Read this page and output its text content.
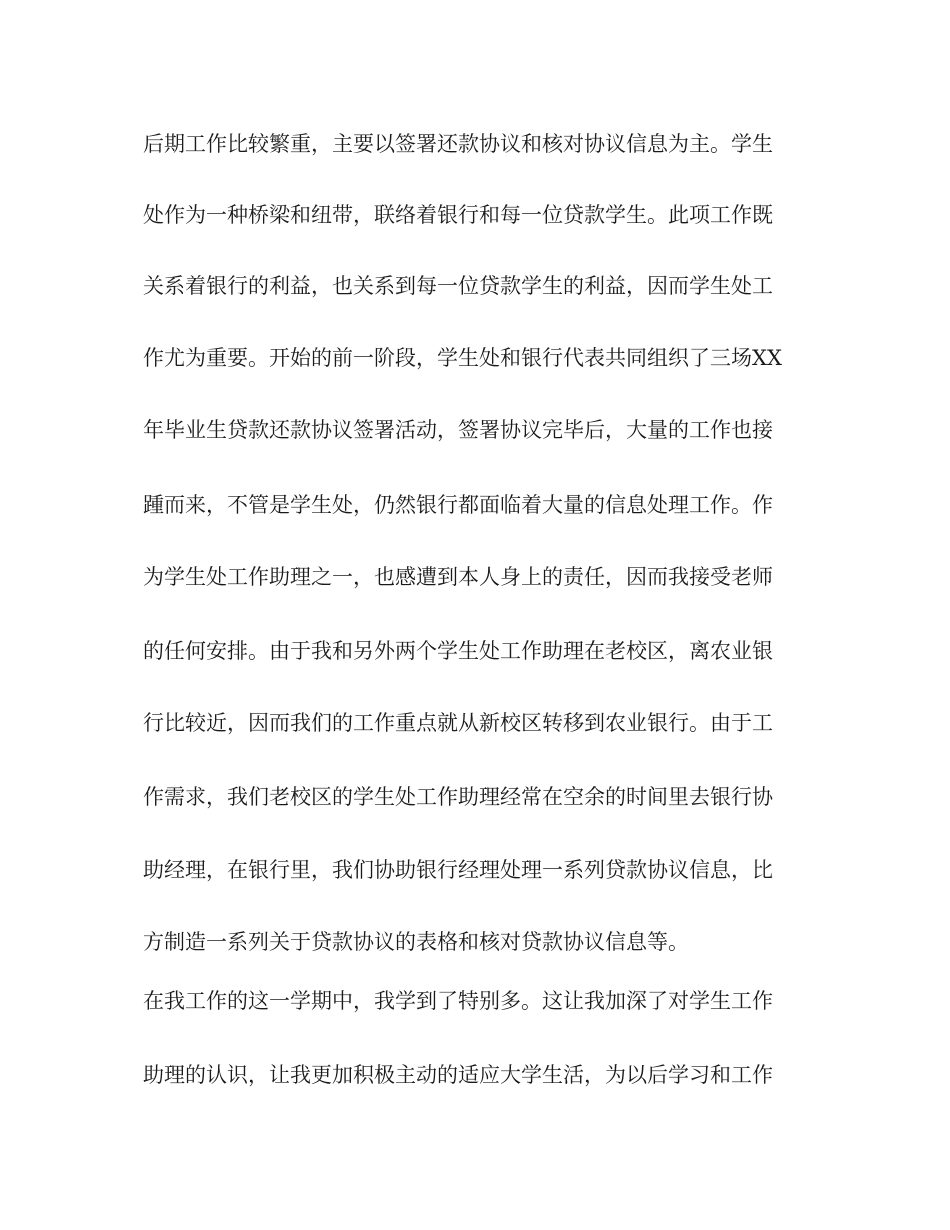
后期工作比较繁重，主要以签署还款协议和核对协议信息为主。学生
处作为一种桥梁和纽带，联络着银行和每一位贷款学生。此项工作既
关系着银行的利益，也关系到每一位贷款学生的利益，因而学生处工
作尤为重要。开始的前一阶段，学生处和银行代表共同组织了三场XX
年毕业生贷款还款协议签署活动，签署协议完毕后，大量的工作也接
踵而来，不管是学生处，仍然银行都面临着大量的信息处理工作。作
为学生处工作助理之一，也感遭到本人身上的责任，因而我接受老师
的任何安排。由于我和另外两个学生处工作助理在老校区，离农业银
行比较近，因而我们的工作重点就从新校区转移到农业银行。由于工
作需求，我们老校区的学生处工作助理经常在空余的时间里去银行协
助经理，在银行里，我们协助银行经理处理一系列贷款协议信息，比
方制造一系列关于贷款协议的表格和核对贷款协议信息等。
在我工作的这一学期中，我学到了特别多。这让我加深了对学生工作
助理的认识，让我更加积极主动的适应大学生活，为以后学习和工作
